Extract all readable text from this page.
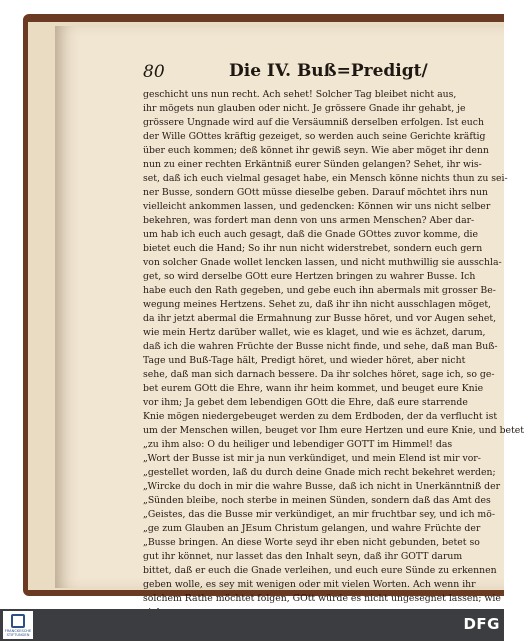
80	Die IV. Buß=Predigt/
geschicht uns nun recht. Ach sehet! Solcher Tag bleibet nicht aus,
ihr mögets nun glauben oder nicht. Je grössere Gnade ihr gehabt, je
grössere Ungnade wird auf die Versäumniß derselben erfolgen. Ist euch
der Wille GOttes kräftig gezeiget, so werden auch seine Gerichte kräftig
über euch kommen; deß könnet ihr gewiß seyn. Wie aber möget ihr denn
nun zu einer rechten Erkäntniß eurer Sünden gelangen? Sehet, ihr wis-
set, daß ich euch vielmal gesaget habe, ein Mensch könne nichts thun zu sei-
ner Busse, sondern GOtt müsse dieselbe geben. Darauf möchtet ihrs nun
vielleicht ankommen lassen, und gedencken: Können wir uns nicht selber
bekehren, was fordert man denn von uns armen Menschen? Aber dar-
um hab ich euch auch gesagt, daß die Gnade GOttes zuvor komme, die
bietet euch die Hand; So ihr nun nicht widerstrebet, sondern euch gern
von solcher Gnade wollet lencken lassen, und nicht muthwillig sie ausschla-
get, so wird derselbe GOtt eure Hertzen bringen zu wahrer Busse. Ich
habe euch den Rath gegeben, und gebe euch ihn abermals mit grosser Be-
wegung meines Hertzens. Sehet zu, daß ihr ihn nicht ausschlagen möget,
da ihr jetzt abermal die Ermahnung zur Busse höret, und vor Augen sehet,
wie mein Hertz darüber wallet, wie es klaget, und wie es ächzet, darum,
daß ich die wahren Früchte der Busse nicht finde, und sehe, daß man Buß-
Tage und Buß-Tage hält, Predigt höret, und wieder höret, aber nicht
sehe, daß man sich darnach bessere. Da ihr solches höret, sage ich, so ge-
bet eurem GOtt die Ehre, wann ihr heim kommet, und beuget eure Knie
vor ihm; Ja gebet dem lebendigen GOtt die Ehre, daß eure starrende
Knie mögen niedergebeuget werden zu dem Erdboden, der da verflucht ist
um der Menschen willen, beuget vor Ihm eure Hertzen und eure Knie, und betet
„zu ihm also: O du heiliger und lebendiger GOTT im Himmel! das
„Wort der Busse ist mir ja nun verkündiget, und mein Elend ist mir vor-
„gestellet worden, laß du durch deine Gnade mich recht bekehret werden;
„Wircke du doch in mir die wahre Busse, daß ich nicht in Unerkänntniß der
„Sünden bleibe, noch sterbe in meinen Sünden, sondern daß das Amt des
„Geistes, das die Busse mir verkündiget, an mir fruchtbar sey, und ich mö-
„ge zum Glauben an JEsum Christum gelangen, und wahre Früchte der
„Busse bringen. An diese Worte seyd ihr eben nicht gebunden, betet so
gut ihr könnet, nur lasset das den Inhalt seyn, daß ihr GOTT darum
bittet, daß er euch die Gnade verleihen, und euch eure Sünde zu erkennen
geben wolle, es sey mit wenigen oder mit vielen Worten. Ach wenn ihr
solchem Rathe möchtet folgen, GOtt würde es nicht ungesegnet lassen; wie
FRANCKESCHE STIFTUNGEN
DFG
